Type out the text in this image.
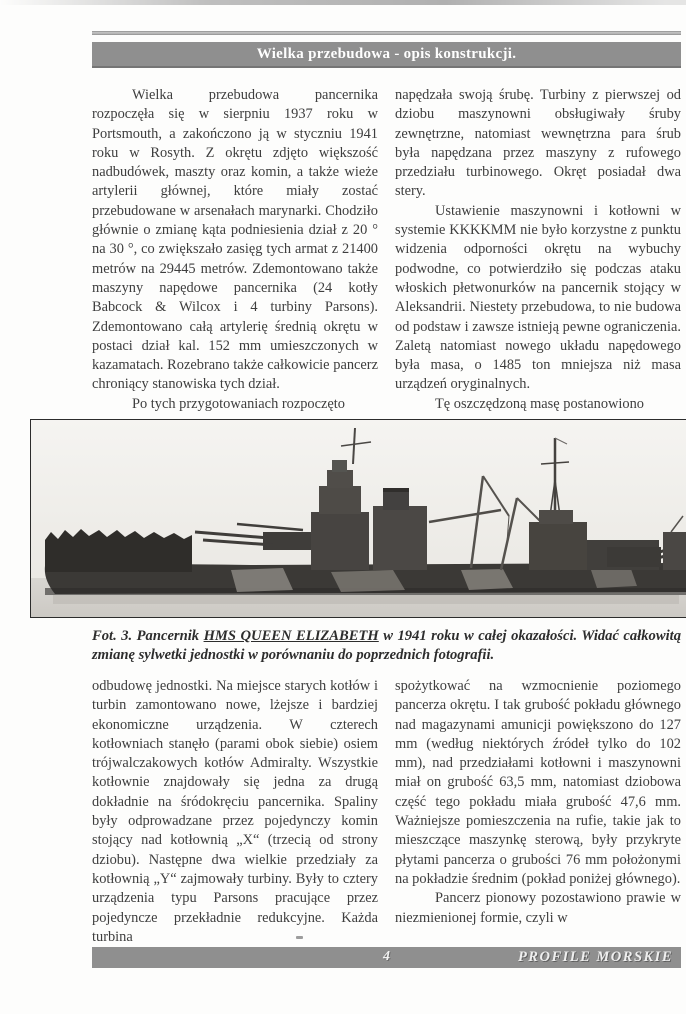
Wielka przebudowa - opis konstrukcji.

Wielka przebudowa pancernika rozpoczęła się w sierpniu 1937 roku w Portsmouth, a zakończono ją w styczniu 1941 roku w Rosyth. Z okrętu zdjęto większość nadbudówek, maszty oraz komin, a także wieże artylerii głównej, które miały zostać przebudowane w arsenałach marynarki. Chodziło głównie o zmianę kąta podniesienia dział z 20 ° na 30 °, co zwiększało zasięg tych armat z 21400 metrów na 29445 metrów. Zdemontowano także maszyny napędowe pancernika (24 kotły Babcock & Wilcox i 4 turbiny Parsons). Zdemontowano całą artylerię średnią okrętu w postaci dział kal. 152 mm umieszczonych w kazamatach. Rozebrano także całkowicie pancerz chroniący stanowiska tych dział.

Po tych przygotowaniach rozpoczęto

napędzała swoją śrubę. Turbiny z pierwszej od dziobu maszynowni obsługiwały śruby zewnętrzne, natomiast wewnętrzna para śrub była napędzana przez maszyny z rufowego przedziału turbinowego. Okręt posiadał dwa stery.

Ustawienie maszynowni i kotłowni w systemie KKKKMM nie było korzystne z punktu widzenia odporności okrętu na wybuchy podwodne, co potwierdziło się podczas ataku włoskich płetwonurków na pancernik stojący w Aleksandrii. Niestety przebudowa, to nie budowa od podstaw i zawsze istnieją pewne ograniczenia. Zaletą natomiast nowego układu napędowego była masa, o 1485 ton mniejsza niż masa urządzeń oryginalnych.

Tę oszczędzoną masę postanowiono

Fot. 3. Pancernik HMS QUEEN ELIZABETH w 1941 roku w całej okazałości. Widać całkowitą zmianę sylwetki jednostki w porównaniu do poprzednich fotografii.

odbudowę jednostki. Na miejsce starych kotłów i turbin zamontowano nowe, lżejsze i bardziej ekonomiczne urządzenia. W czterech kotłowniach stanęło (parami obok siebie) osiem trójwalczakowych kotłów Admiralty. Wszystkie kotłownie znajdowały się jedna za drugą dokładnie na śródokręciu pancernika. Spaliny były odprowadzane przez pojedynczy komin stojący nad kotłownią „X“ (trzecią od strony dziobu). Następne dwa wielkie przedziały za kotłownią „Y“ zajmowały turbiny. Były to cztery urządzenia typu Parsons pracujące przez pojedyncze przekładnie redukcyjne. Każda turbina

spożytkować na wzmocnienie poziomego pancerza okrętu. I tak grubość pokładu głównego nad magazynami amunicji powiększono do 127 mm (według niektórych źródeł tylko do 102 mm), nad przedziałami kotłowni i maszynowni miał on grubość 63,5 mm, natomiast dziobowa część tego pokładu miała grubość 47,6 mm. Ważniejsze pomieszczenia na rufie, takie jak to mieszczące maszynkę sterową, były przykryte płytami pancerza o grubości 76 mm położonymi na pokładzie średnim (pokład poniżej głównego).

Pancerz pionowy pozostawiono prawie w niezmienionej formie, czyli w

4	PROFILE MORSKIE
